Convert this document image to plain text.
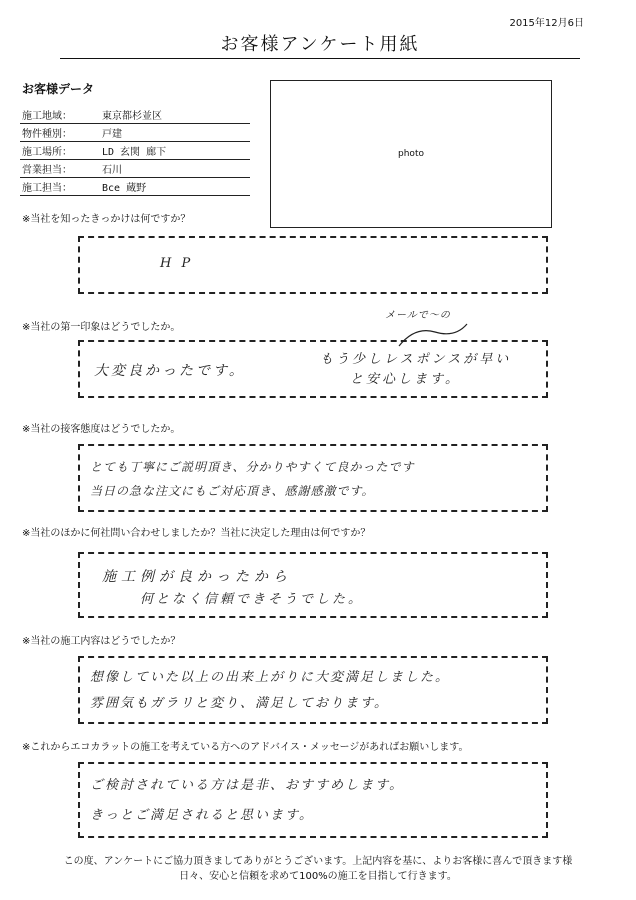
2015年12月6日
お客様アンケート用紙
お客様データ
施工地域：	東京都杉並区
物件種別：	戸建
施工場所：	LD 玄関 廊下
営業担当：	石川
施工担当：	Bce 蔵野
photo
※当社を知ったきっかけは何ですか？
H P
※当社の第一印象はどうでしたか。
メールで〜の
大変良かったです。
もう少しレスポンスが早い
と安心します。
※当社の接客態度はどうでしたか。
とても丁寧にご説明頂き、分かりやすくて良かったです
当日の急な注文にもご対応頂き、感謝感激です。
※当社のほかに何社問い合わせしましたか？当社に決定した理由は何ですか？
施工例が良かったから
何となく信頼できそうでした。
※当社の施工内容はどうでしたか？
想像していた以上の出来上がりに大変満足しました。
雰囲気もガラリと変り、満足しております。
※これからエコカラットの施工を考えている方へのアドバイス・メッセージがあればお願いします。
ご検討されている方は是非、おすすめします。
きっとご満足されると思います。
この度、アンケートにご協力頂きましてありがとうございます。上記内容を基に、よりお客様に喜んで頂きます様
日々、安心と信頼を求めて100%の施工を目指して行きます。
